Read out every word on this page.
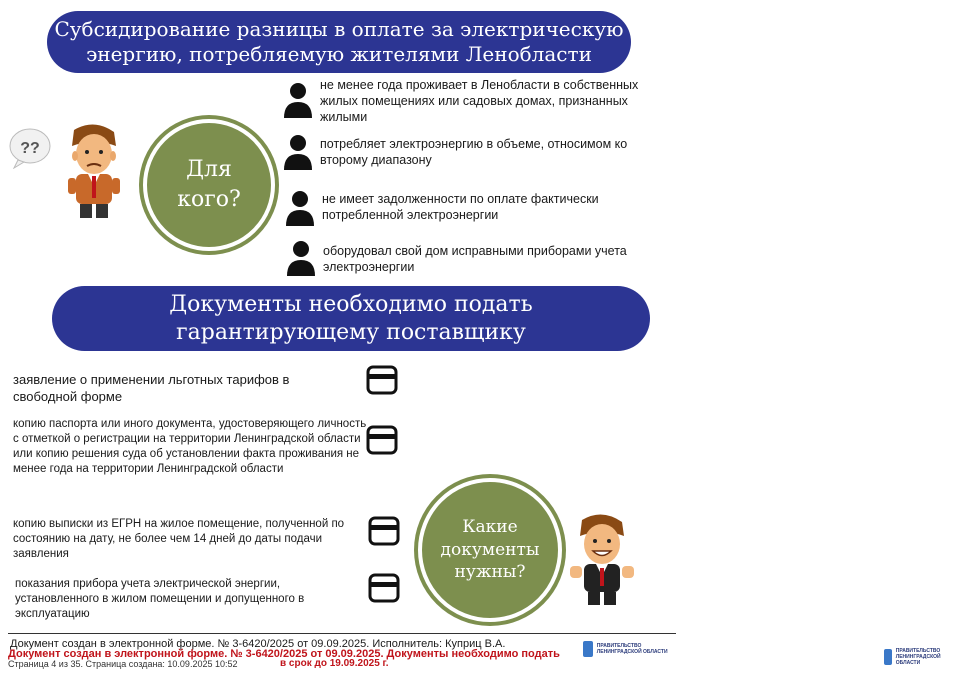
Субсидирование разницы в оплате за электрическую
энергию, потребляемую жителями Ленобласти
??
Для
кого?
не менее года проживает в Ленобласти в собственных жилых помещениях или садовых домах, признанных жилыми
потребляет электроэнергию в объеме, относимом ко второму диапазону
не имеет задолженности по оплате фактически потребленной электроэнергии
оборудовал свой дом исправными приборами учета электроэнергии
Документы необходимо подать
гарантирующему поставщику
заявление о применении льготных тарифов в свободной форме
копию паспорта или иного документа, удостоверяющего личность с отметкой о регистрации на территории Ленинградской области или копию решения суда об установлении факта проживания не менее года на территории Ленинградской области
копию выписки из ЕГРН на жилое помещение, полученной по состоянию на дату, не более чем 14 дней до даты подачи заявления
показания прибора учета электрической энергии, установленного в жилом помещении и допущенного в эксплуатацию
Какие
документы
нужны?
Документ создан в электронной форме. № 3-6420/2025 от 09.09.2025. Исполнитель: Куприц В.А.
Документ создан в электронной форме. № 3-6420/2025 от 09.09.2025. Документы необходимо подать
Страница 4 из 35. Страница создана: 10.09.2025 10:52	в срок до 19.09.2025 г.
ПРАВИТЕЛЬСТВО ЛЕНИНГРАДСКОЙ ОБЛАСТИ	ПРАВИТЕЛЬСТВО ЛЕНИНГРАДСКОЙ ОБЛАСТИ
